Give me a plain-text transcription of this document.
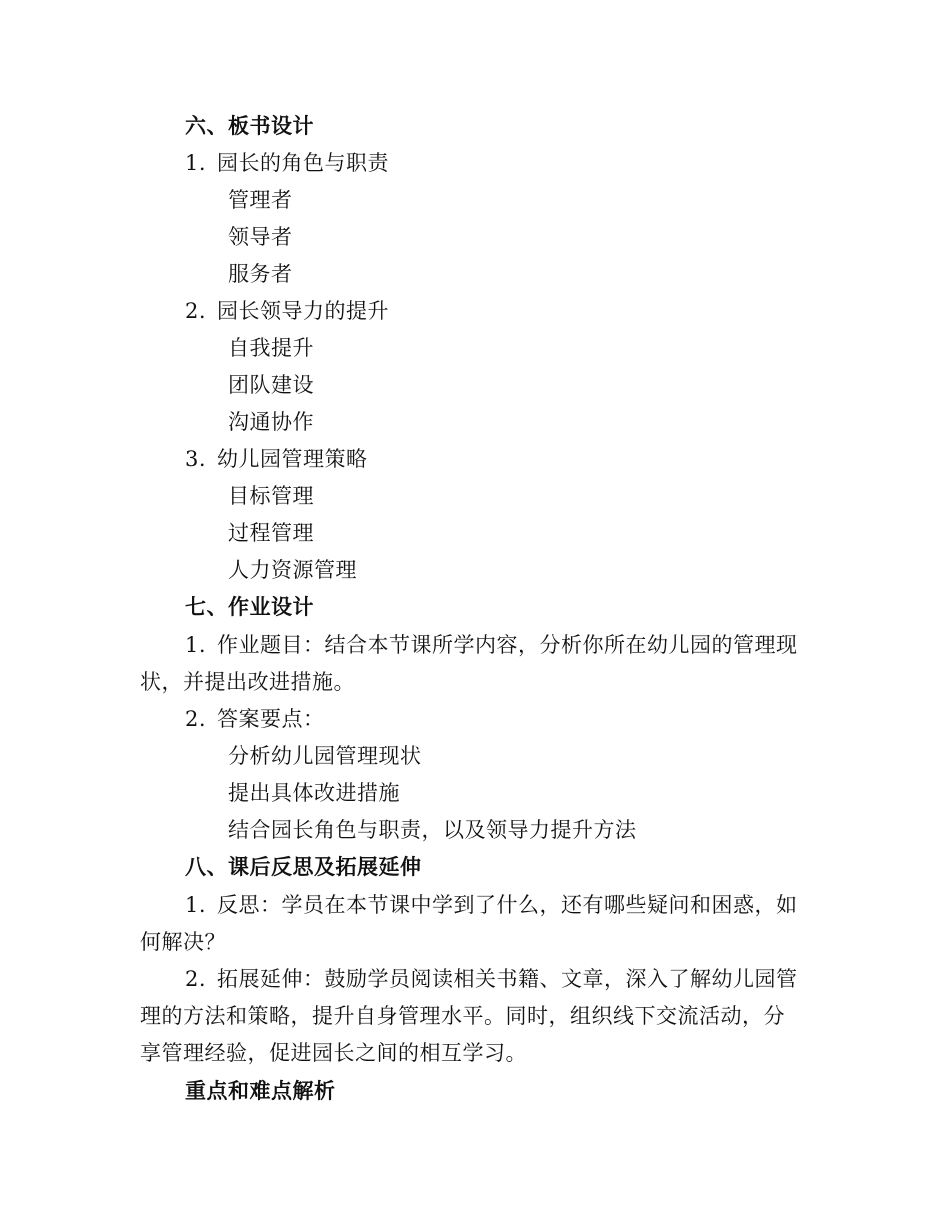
六、板书设计
1. 园长的角色与职责
管理者
领导者
服务者
2. 园长领导力的提升
自我提升
团队建设
沟通协作
3. 幼儿园管理策略
目标管理
过程管理
人力资源管理
七、作业设计
1. 作业题目：结合本节课所学内容，分析你所在幼儿园的管理现
状，并提出改进措施。
2. 答案要点：
分析幼儿园管理现状
提出具体改进措施
结合园长角色与职责，以及领导力提升方法
八、课后反思及拓展延伸
1. 反思：学员在本节课中学到了什么，还有哪些疑问和困惑，如
何解决？
2. 拓展延伸：鼓励学员阅读相关书籍、文章，深入了解幼儿园管
理的方法和策略，提升自身管理水平。同时，组织线下交流活动，分
享管理经验，促进园长之间的相互学习。
重点和难点解析
